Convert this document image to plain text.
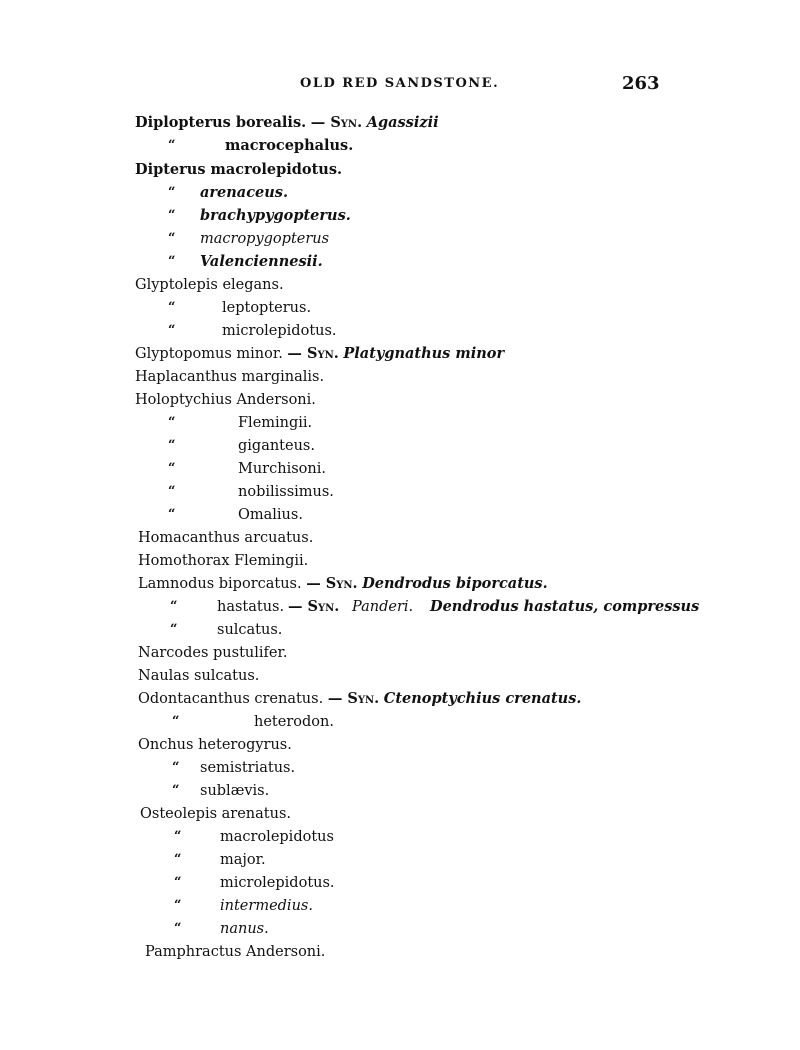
OLD RED SANDSTONE.	263
Diplopterus borealis. — Syn. Agassizii
“	macrocephalus.
Dipterus macrolepidotus.
“ arenaceus.
“ brachypygopterus.
“ macropygopterus
“ Valenciennesii.
Glyptolepis elegans.
“	leptopterus.
“	microlepidotus.
Glyptopomus minor. — Syn. Platygnathus minor
Haplacanthus marginalis.
Holoptychius Andersoni.
“	Flemingii.
“	giganteus.
“	Murchisoni.
“	nobilissimus.
“	Omalius.
Homacanthus arcuatus.
Homothorax Flemingii.
Lamnodus biporcatus. — Syn. Dendrodus biporcatus.
“	hastatus. — Syn. Panderi. Dendrodus hastatus, compressus
“	sulcatus.
Narcodes pustulifer.
Naulas sulcatus.
Odontacanthus crenatus. — Syn. Ctenoptychius crenatus.
“	heterodon.
Onchus heterogyrus.
“ semistriatus.
“ sublævis.
Osteolepis arenatus.
“	macrolepidotus
“	major.
“	microlepidotus.
“	intermedius.
“	nanus.
Pamphractus Andersoni.
